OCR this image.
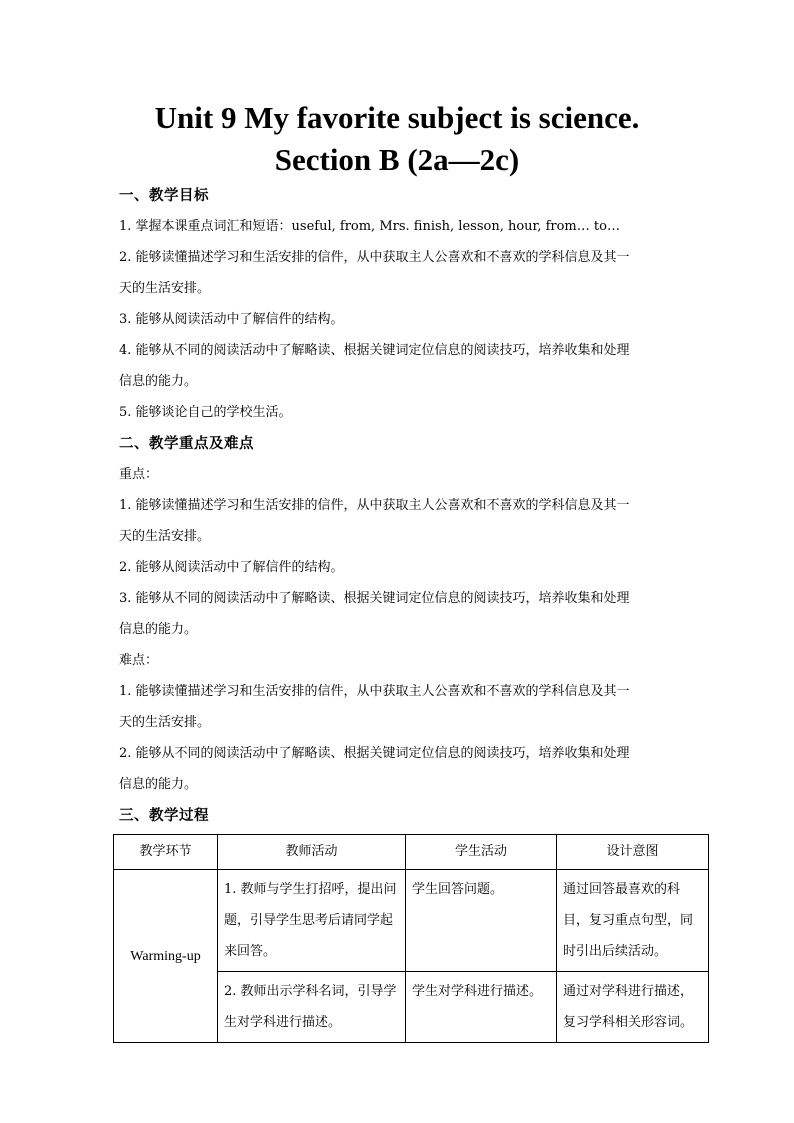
Unit 9 My favorite subject is science.
Section B (2a—2c)
一、教学目标
1. 掌握本课重点词汇和短语：useful, from, Mrs. finish, lesson, hour, from… to…
2. 能够读懂描述学习和生活安排的信件，从中获取主人公喜欢和不喜欢的学科信息及其一
天的生活安排。
3. 能够从阅读活动中了解信件的结构。
4. 能够从不同的阅读活动中了解略读、根据关键词定位信息的阅读技巧，培养收集和处理
信息的能力。
5. 能够谈论自己的学校生活。
二、教学重点及难点
重点：
1. 能够读懂描述学习和生活安排的信件，从中获取主人公喜欢和不喜欢的学科信息及其一
天的生活安排。
2. 能够从阅读活动中了解信件的结构。
3. 能够从不同的阅读活动中了解略读、根据关键词定位信息的阅读技巧，培养收集和处理
信息的能力。
难点：
1. 能够读懂描述学习和生活安排的信件，从中获取主人公喜欢和不喜欢的学科信息及其一
天的生活安排。
2. 能够从不同的阅读活动中了解略读、根据关键词定位信息的阅读技巧，培养收集和处理
信息的能力。
三、教学过程
教学环节	教师活动	学生活动	设计意图
Warming-up	1. 教师与学生打招呼，提出问题，引导学生思考后请同学起来回答。	学生回答问题。	通过回答最喜欢的科目，复习重点句型，同时引出后续活动。
	2. 教师出示学科名词，引导学生对学科进行描述。	学生对学科进行描述。	通过对学科进行描述，复习学科相关形容词。
